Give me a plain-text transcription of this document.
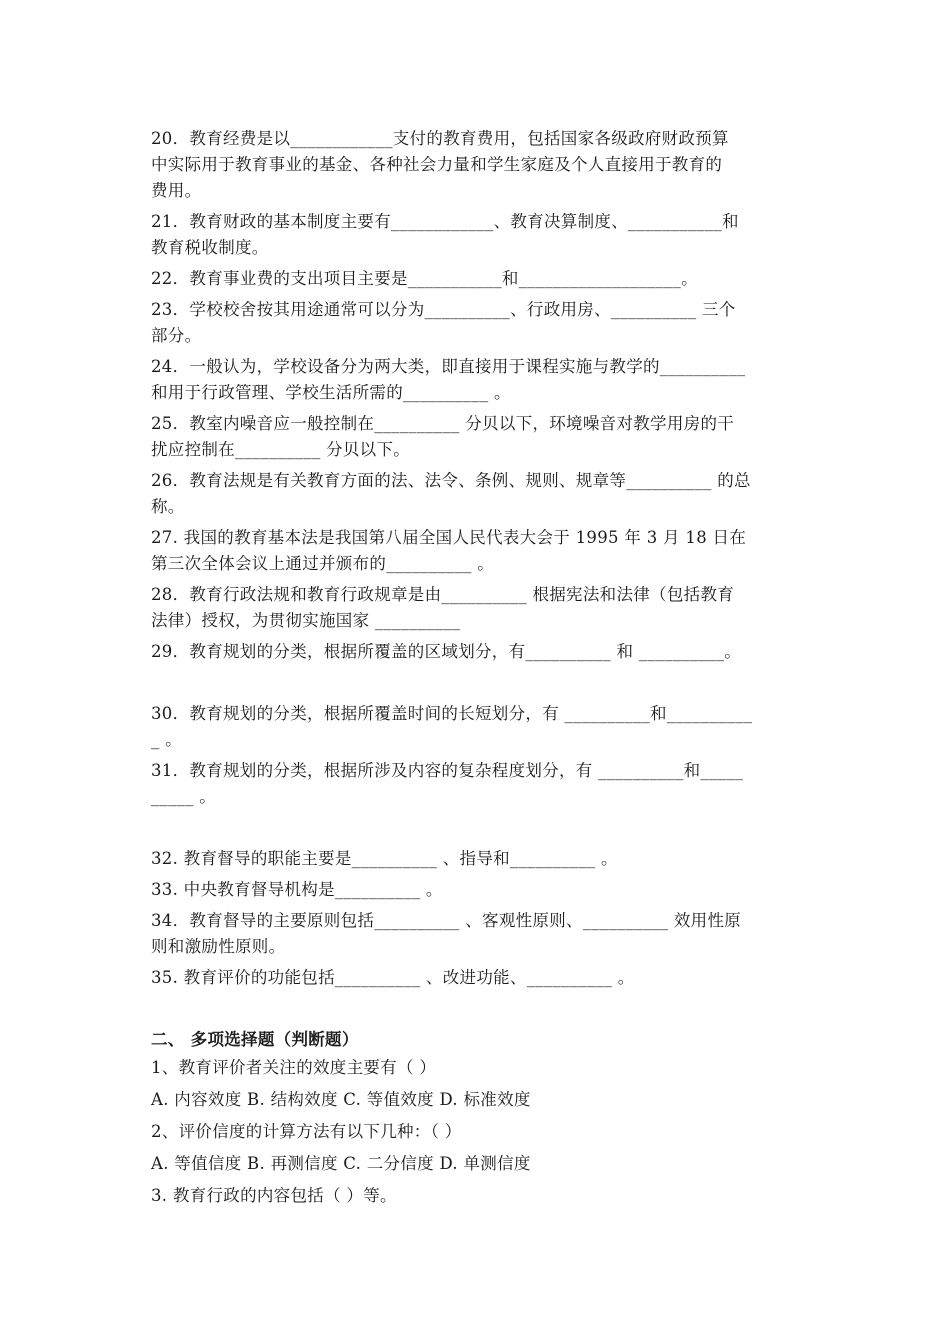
20．教育经费是以____________支付的教育费用，包括国家各级政府财政预算
中实际用于教育事业的基金、各种社会力量和学生家庭及个人直接用于教育的
费用。
21．教育财政的基本制度主要有____________、教育决算制度、___________和
教育税收制度。
22．教育事业费的支出项目主要是___________和___________________。
23．学校校舍按其用途通常可以分为__________、行政用房、__________ 三个
部分。
24．一般认为，学校设备分为两大类，即直接用于课程实施与教学的__________
和用于行政管理、学校生活所需的__________ 。
25．教室内噪音应一般控制在__________ 分贝以下，环境噪音对教学用房的干
扰应控制在__________ 分贝以下。
26．教育法规是有关教育方面的法、法令、条例、规则、规章等__________ 的总
称。
27. 我国的教育基本法是我国第八届全国人民代表大会于 1995 年 3 月 18 日在
第三次全体会议上通过并颁布的__________ 。
28．教育行政法规和教育行政规章是由__________ 根据宪法和法律（包括教育
法律）授权，为贯彻实施国家 __________
29．教育规划的分类，根据所覆盖的区域划分，有__________ 和 __________。
30．教育规划的分类，根据所覆盖时间的长短划分，有 __________和__________
_ 。
31．教育规划的分类，根据所涉及内容的复杂程度划分，有 __________和_____
_____ 。
32. 教育督导的职能主要是__________ 、指导和__________ 。
33. 中央教育督导机构是__________ 。
34．教育督导的主要原则包括__________ 、客观性原则、__________ 效用性原
则和激励性原则。
35. 教育评价的功能包括__________ 、改进功能、__________ 。
二、 多项选择题（判断题）
1、教育评价者关注的效度主要有（ ）
A. 内容效度 B. 结构效度 C. 等值效度 D. 标准效度
2、评价信度的计算方法有以下几种：（ ）
A. 等值信度 B. 再测信度 C. 二分信度 D. 单测信度
3. 教育行政的内容包括（ ）等。
